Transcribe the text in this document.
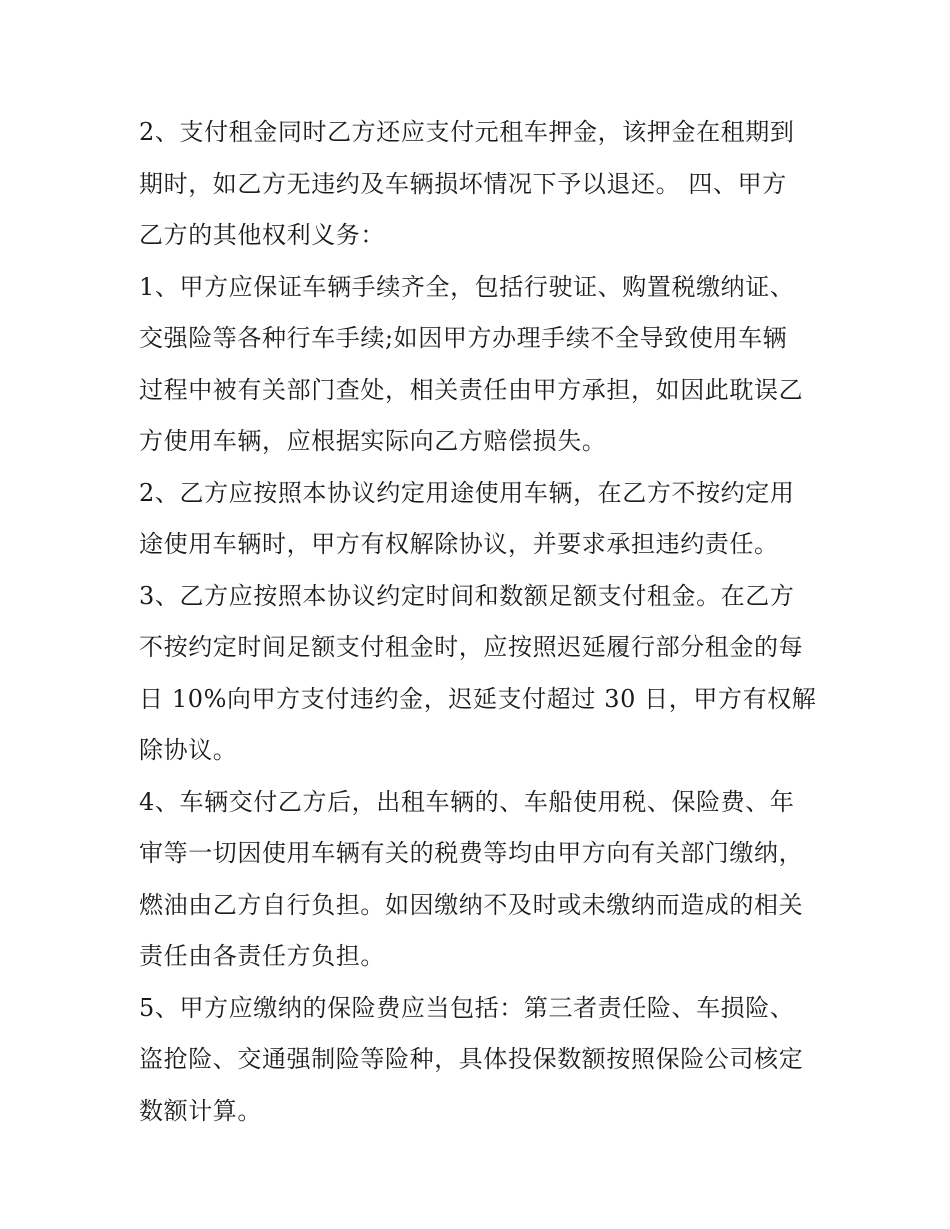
2、支付租金同时乙方还应支付元租车押金，该押金在租期到
期时，如乙方无违约及车辆损坏情况下予以退还。 四、甲方
乙方的其他权利义务：
1、甲方应保证车辆手续齐全，包括行驶证、购置税缴纳证、
交强险等各种行车手续;如因甲方办理手续不全导致使用车辆
过程中被有关部门查处，相关责任由甲方承担，如因此耽误乙
方使用车辆，应根据实际向乙方赔偿损失。
2、乙方应按照本协议约定用途使用车辆，在乙方不按约定用
途使用车辆时，甲方有权解除协议，并要求承担违约责任。
3、乙方应按照本协议约定时间和数额足额支付租金。在乙方
不按约定时间足额支付租金时，应按照迟延履行部分租金的每
日 10%向甲方支付违约金，迟延支付超过 30 日，甲方有权解
除协议。
4、车辆交付乙方后，出租车辆的、车船使用税、保险费、年
审等一切因使用车辆有关的税费等均由甲方向有关部门缴纳，
燃油由乙方自行负担。如因缴纳不及时或未缴纳而造成的相关
责任由各责任方负担。
5、甲方应缴纳的保险费应当包括：第三者责任险、车损险、
盗抢险、交通强制险等险种，具体投保数额按照保险公司核定
数额计算。
